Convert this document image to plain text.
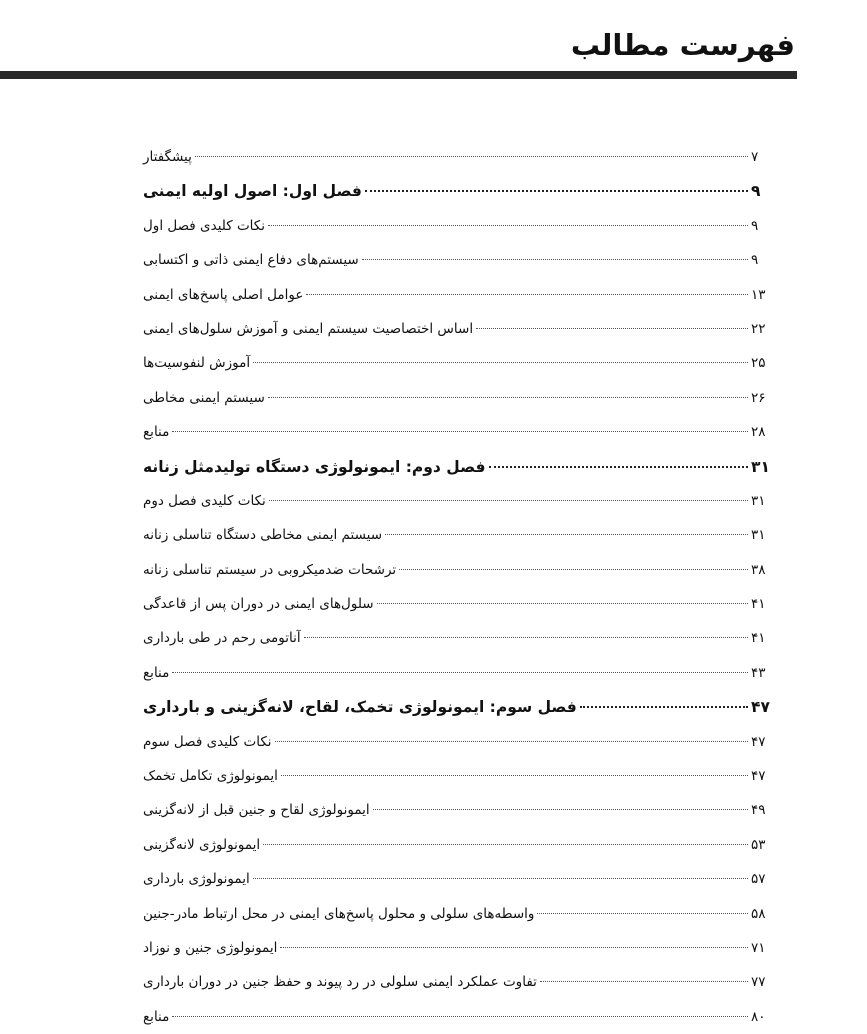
فهرست مطالب
پیشگفتار	۷
فصل اول: اصول اولیه ایمنی	۹
نکات کلیدی فصل اول	۹
سیستم‌های دفاع ایمنی ذاتی و اکتسابی	۹
عوامل اصلی پاسخ‌های ایمنی	۱۳
اساس اختصاصیت سیستم ایمنی و آموزش سلول‌های ایمنی	۲۲
آموزش لنفوسیت‌ها	۲۵
سیستم ایمنی مخاطی	۲۶
منابع	۲۸
فصل دوم: ایمونولوژی دستگاه تولیدمثل زنانه	۳۱
نکات کلیدی فصل دوم	۳۱
سیستم ایمنی مخاطی دستگاه تناسلی زنانه	۳۱
ترشحات ضدمیکروبی در سیستم تناسلی زنانه	۳۸
سلول‌های ایمنی در دوران پس از قاعدگی	۴۱
آناتومی رحم در طی بارداری	۴۱
منابع	۴۳
فصل سوم: ایمونولوژی تخمک، لقاح، لانه‌گزینی و بارداری	۴۷
نکات کلیدی فصل سوم	۴۷
ایمونولوژی تکامل تخمک	۴۷
ایمونولوژی لقاح و جنین قبل از لانه‌گزینی	۴۹
ایمونولوژی لانه‌گزینی	۵۳
ایمونولوژی بارداری	۵۷
واسطه‌های سلولی و محلول پاسخ‌های ایمنی در محل ارتباط مادر-جنین	۵۸
ایمونولوژی جنین و نوزاد	۷۱
تفاوت عملکرد ایمنی سلولی در رد پیوند و حفظ جنین در دوران بارداری	۷۷
منابع	۸۰
